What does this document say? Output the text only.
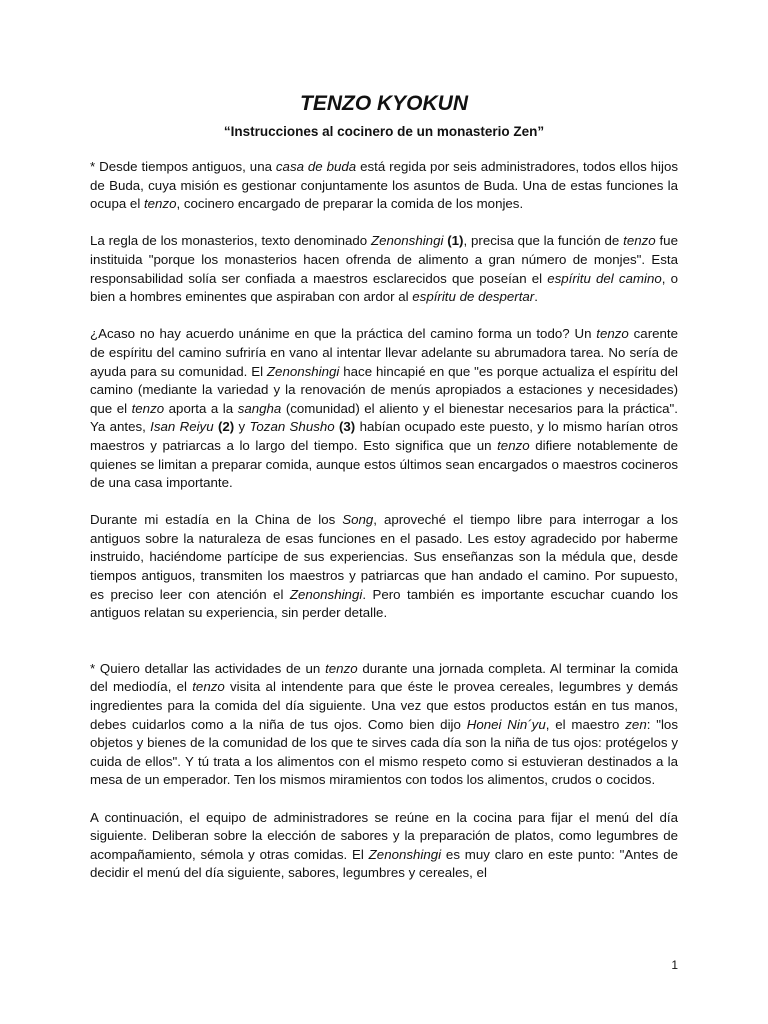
TENZO KYOKUN
“Instrucciones al cocinero de un monasterio Zen”

* Desde tiempos antiguos, una casa de buda está regida por seis administradores, todos ellos hijos de Buda, cuya misión es gestionar conjuntamente los asuntos de Buda. Una de estas funciones la ocupa el tenzo, cocinero encargado de preparar la comida de los monjes.

La regla de los monasterios, texto denominado Zenonshingi (1), precisa que la función de tenzo fue instituida "porque los monasterios hacen ofrenda de alimento a gran número de monjes". Esta responsabilidad solía ser confiada a maestros esclarecidos que poseían el espíritu del camino, o bien a hombres eminentes que aspiraban con ardor al espíritu de despertar.

¿Acaso no hay acuerdo unánime en que la práctica del camino forma un todo? Un tenzo carente de espíritu del camino sufriría en vano al intentar llevar adelante su abrumadora tarea. No sería de ayuda para su comunidad. El Zenonshingi hace hincapié en que "es porque actualiza el espíritu del camino (mediante la variedad y la renovación de menús apropiados a estaciones y necesidades) que el tenzo aporta a la sangha (comunidad) el aliento y el bienestar necesarios para la práctica". Ya antes, Isan Reiyu (2) y Tozan Shusho (3) habían ocupado este puesto, y lo mismo harían otros maestros y patriarcas a lo largo del tiempo. Esto significa que un tenzo difiere notablemente de quienes se limitan a preparar comida, aunque estos últimos sean encargados o maestros cocineros de una casa importante.

Durante mi estadía en la China de los Song, aproveché el tiempo libre para interrogar a los antiguos sobre la naturaleza de esas funciones en el pasado. Les estoy agradecido por haberme instruido, haciéndome partícipe de sus experiencias. Sus enseñanzas son la médula que, desde tiempos antiguos, transmiten los maestros y patriarcas que han andado el camino. Por supuesto, es preciso leer con atención el Zenonshingi. Pero también es importante escuchar cuando los antiguos relatan su experiencia, sin perder detalle.

* Quiero detallar las actividades de un tenzo durante una jornada completa. Al terminar la comida del mediodía, el tenzo visita al intendente para que éste le provea cereales, legumbres y demás ingredientes para la comida del día siguiente. Una vez que estos productos están en tus manos, debes cuidarlos como a la niña de tus ojos. Como bien dijo Honei Nin´yu, el maestro zen: "los objetos y bienes de la comunidad de los que te sirves cada día son la niña de tus ojos: protégelos y cuida de ellos". Y tú trata a los alimentos con el mismo respeto como si estuvieran destinados a la mesa de un emperador. Ten los mismos miramientos con todos los alimentos, crudos o cocidos.

A continuación, el equipo de administradores se reúne en la cocina para fijar el menú del día siguiente. Deliberan sobre la elección de sabores y la preparación de platos, como legumbres de acompañamiento, sémola y otras comidas. El Zenonshingi es muy claro en este punto: "Antes de decidir el menú del día siguiente, sabores, legumbres y cereales, el

1
